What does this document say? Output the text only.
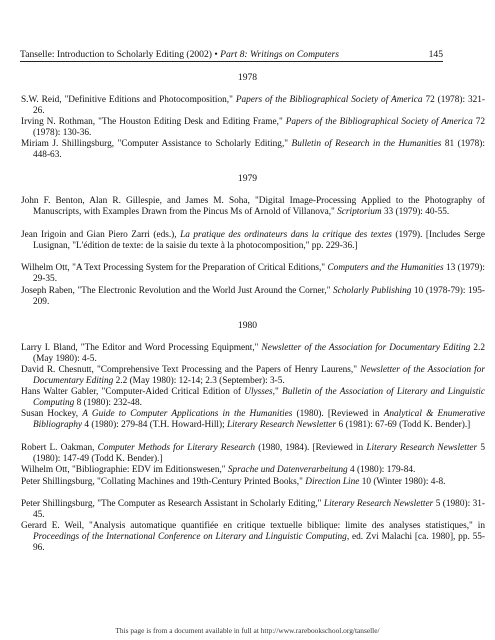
Tanselle: Introduction to Scholarly Editing (2002) • Part 8: Writings on Computers	145
1978
S.W. Reid, "Definitive Editions and Photocomposition," Papers of the Bibliographical Society of America 72 (1978): 321-26.
Irving N. Rothman, "The Houston Editing Desk and Editing Frame," Papers of the Bibliographical Society of America 72 (1978): 130-36.
Miriam J. Shillingsburg, "Computer Assistance to Scholarly Editing," Bulletin of Research in the Humanities 81 (1978): 448-63.
1979
John F. Benton, Alan R. Gillespie, and James M. Soha, "Digital Image-Processing Applied to the Photography of Manuscripts, with Examples Drawn from the Pincus Ms of Arnold of Villanova," Scriptorium 33 (1979): 40-55.
Jean Irigoin and Gian Piero Zarri (eds.), La pratique des ordinateurs dans la critique des textes (1979). [Includes Serge Lusignan, "L'édition de texte: de la saisie du texte à la photocomposition," pp. 229-36.]
Wilhelm Ott, "A Text Processing System for the Preparation of Critical Editions," Computers and the Humanities 13 (1979): 29-35.
Joseph Raben, "The Electronic Revolution and the World Just Around the Corner," Scholarly Publishing 10 (1978-79): 195-209.
1980
Larry I. Bland, "The Editor and Word Processing Equipment," Newsletter of the Association for Documentary Editing 2.2 (May 1980): 4-5.
David R. Chesnutt, "Comprehensive Text Processing and the Papers of Henry Laurens," Newsletter of the Association for Documentary Editing 2.2 (May 1980): 12-14; 2.3 (September): 3-5.
Hans Walter Gabler, "Computer-Aided Critical Edition of Ulysses," Bulletin of the Association of Literary and Linguistic Computing 8 (1980): 232-48.
Susan Hockey, A Guide to Computer Applications in the Humanities (1980). [Reviewed in Analytical & Enumerative Bibliography 4 (1980): 279-84 (T.H. Howard-Hill); Literary Research Newsletter 6 (1981): 67-69 (Todd K. Bender).]
Robert L. Oakman, Computer Methods for Literary Research (1980, 1984). [Reviewed in Literary Research Newsletter 5 (1980): 147-49 (Todd K. Bender).]
Wilhelm Ott, "Bibliographie: EDV im Editionswesen," Sprache und Datenverarbeitung 4 (1980): 179-84.
Peter Shillingsburg, "Collating Machines and 19th-Century Printed Books," Direction Line 10 (Winter 1980): 4-8.
Peter Shillingsburg, "The Computer as Research Assistant in Scholarly Editing," Literary Research Newsletter 5 (1980): 31-45.
Gerard E. Weil, "Analysis automatique quantifiée en critique textuelle biblique: limite des analyses statistiques," in Proceedings of the International Conference on Literary and Linguistic Computing, ed. Zvi Malachi [ca. 1980], pp. 55-96.
This page is from a document available in full at http://www.rarebookschool.org/tanselle/
